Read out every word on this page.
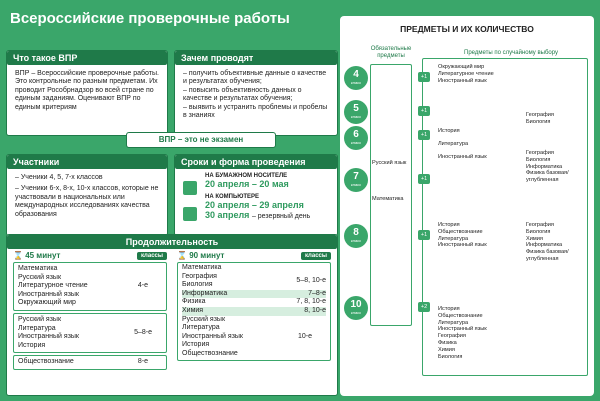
Всероссийские проверочные работы
Что такое ВПР
ВПР – Всероссийские проверочные работы. Это контрольные по разным предметам. Их проводит Рособрнадзор во всей стране по единым заданиям. Оценивают ВПР по единым критериям
Зачем проводят
– получить объективные данные о качестве и результатах обучения;
– повысить объективность данных о качестве и результатах обучения;
– выявить и устранить проблемы и пробелы в знаниях
ВПР – это не экзамен
Участники
– Ученики 4, 5, 7-х классов
– Ученики 6-х, 8-х, 10-х классов, которые не участвовали в национальных или международных исследованиях качества образования
Сроки и форма проведения
НА БУМАЖНОМ НОСИТЕЛЕ
20 апреля – 20 мая
НА КОМПЬЮТЕРЕ
20 апреля – 29 апреля
30 апреля – резервный день
Продолжительность
⌛ 45 минут	классы
Математика
Русский язык
Литературное чтение
Иностранный язык
Окружающий мир
4-е
Русский язык
Литература
Иностранный язык
История
5–8-е
Обществознание	8-е
⌛ 90 минут	классы
Математика
География
Биология
5–8, 10-е
Информатика	7–8-е
Физика	7, 8, 10-е
Химия	8, 10-е
Русский язык
Литература
Иностранный язык
История
Обществознание
10-е
ПРЕДМЕТЫ И ИХ КОЛИЧЕСТВО
Обязательные предметы	Предметы по случайному выбору
Русский язык
Математика
4
класс
5
класс
6
класс
7
класс
8
класс
10
класс
+1
+1
+1
+1
+1
+2
Окружающий мир
Литературное чтение
Иностранный язык
История
Литература
Иностранный язык
География
Биология
География
Биология
Информатика
Физика базовая/ углубленная
История
Обществознание
Литература
Иностранный язык
География
Биология
Химия
Информатика
Физика базовая/ углубленная
История
Обществознание
Литература
Иностранный язык
География
Физика
Химия
Биология
